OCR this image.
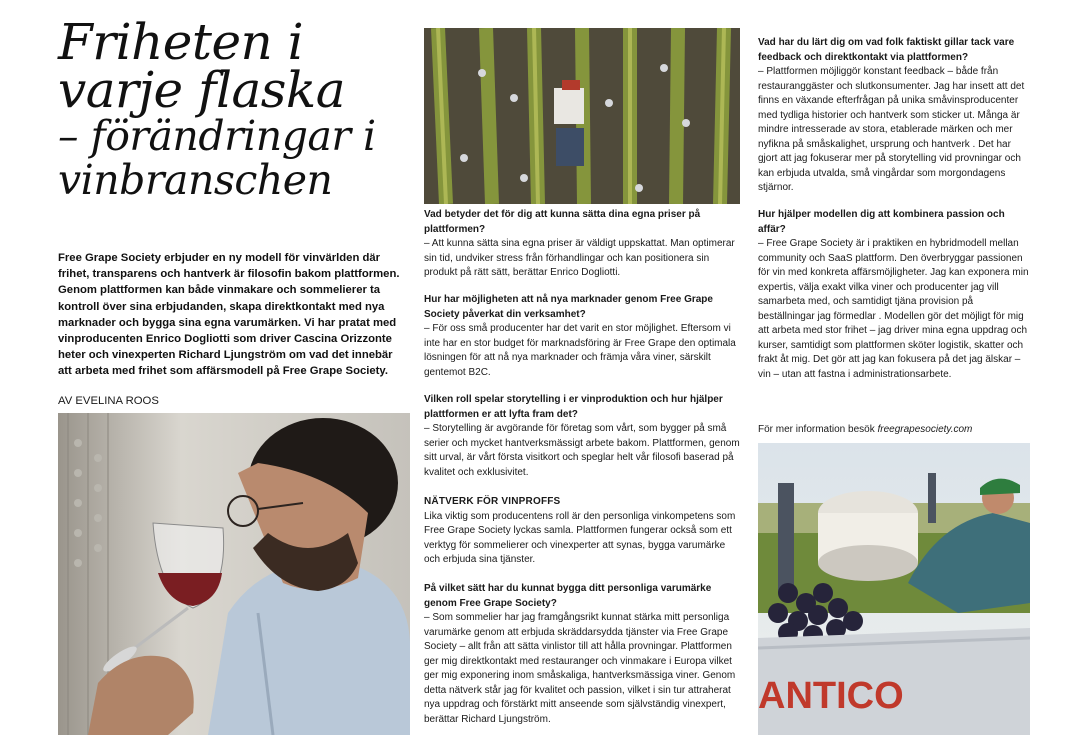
Friheten i
varje flaska
– förändringar i
vinbranschen

Free Grape Society erbjuder en ny modell för vinvärlden där frihet, transparens och hantverk är filosofin bakom plattformen. Genom plattformen kan både vinmakare och sommelierer ta kontroll över sina erbjudanden, skapa direktkontakt med nya marknader och bygga sina egna varumärken. Vi har pratat med vinproducenten Enrico Dogliotti som driver Cascina Orizzonte heter och vinexperten Richard Ljungström om vad det innebär att arbeta med frihet som affärsmodell på Free Grape Society.

AV EVELINA ROOS

Vad betyder det för dig att kunna sätta dina egna priser på plattformen?

– Att kunna sätta sina egna priser är väldigt uppskattat. Man optimerar sin tid, undviker stress från förhandlingar och kan positionera sin produkt på rätt sätt, berättar Enrico Dogliotti.

Hur har möjligheten att nå nya marknader genom Free Grape Society påverkat din verksamhet?

– För oss små producenter har det varit en stor möjlighet. Eftersom vi inte har en stor budget för marknadsföring är Free Grape den optimala lösningen för att nå nya marknader och främja våra viner, särskilt gentemot B2C.

Vilken roll spelar storytelling i er vinproduktion och hur hjälper plattformen er att lyfta fram det?

– Storytelling är avgörande för företag som vårt, som bygger på små serier och mycket hantverksmässigt arbete bakom. Plattformen, genom sitt urval, är vårt första visitkort och speglar helt vår filosofi baserad på kvalitet och exklusivitet.

NÄTVERK FÖR VINPROFFS

Lika viktig som producentens roll är den personliga vinkompetens som Free Grape Society lyckas samla. Plattformen fungerar också som ett verktyg för sommelierer och vinexperter att synas, bygga varumärke och erbjuda sina tjänster.

På vilket sätt har du kunnat bygga ditt personliga varumärke genom Free Grape Society?

– Som sommelier har jag framgångsrikt kunnat stärka mitt personliga varumärke genom att erbjuda skräddarsydda tjänster via Free Grape Society – allt från att sätta vinlistor till att hålla provningar. Plattformen ger mig direktkontakt med restauranger och vinmakare i Europa vilket ger mig exponering inom småskaliga, hantverksmässiga viner. Genom detta nätverk står jag för kvalitet och passion, vilket i sin tur attraherat nya uppdrag och förstärkt mitt anseende som självständig vinexpert, berättar Richard Ljungström.

Vad har du lärt dig om vad folk faktiskt gillar tack vare feedback och direktkontakt via plattformen?

– Plattformen möjliggör konstant feedback – både från restauranggäster och slutkonsumenter. Jag har insett att det finns en växande efterfrågan på unika småvinsproducenter med tydliga historier och hantverk som sticker ut. Många är mindre intresserade av stora, etablerade märken och mer nyfikna på småskalighet, ursprung och hantverk . Det har gjort att jag fokuserar mer på storytelling vid provningar och kan erbjuda utvalda, små vingårdar som morgondagens stjärnor.

Hur hjälper modellen dig att kombinera passion och affär?

– Free Grape Society är i praktiken en hybridmodell mellan community och SaaS plattform. Den överbryggar passionen för vin med konkreta affärsmöjligheter. Jag kan exponera min expertis, välja exakt vilka viner och producenter jag vill samarbeta med, och samtidigt tjäna provision på beställningar jag förmedlar . Modellen gör det möjligt för mig att arbeta med stor frihet – jag driver mina egna uppdrag och kurser, samtidigt som plattformen sköter logistik, skatter och frakt åt mig. Det gör att jag kan fokusera på det jag älskar – vin – utan att fastna i administrationsarbete.

För mer information besök freegrapesociety.com

ANTICO
